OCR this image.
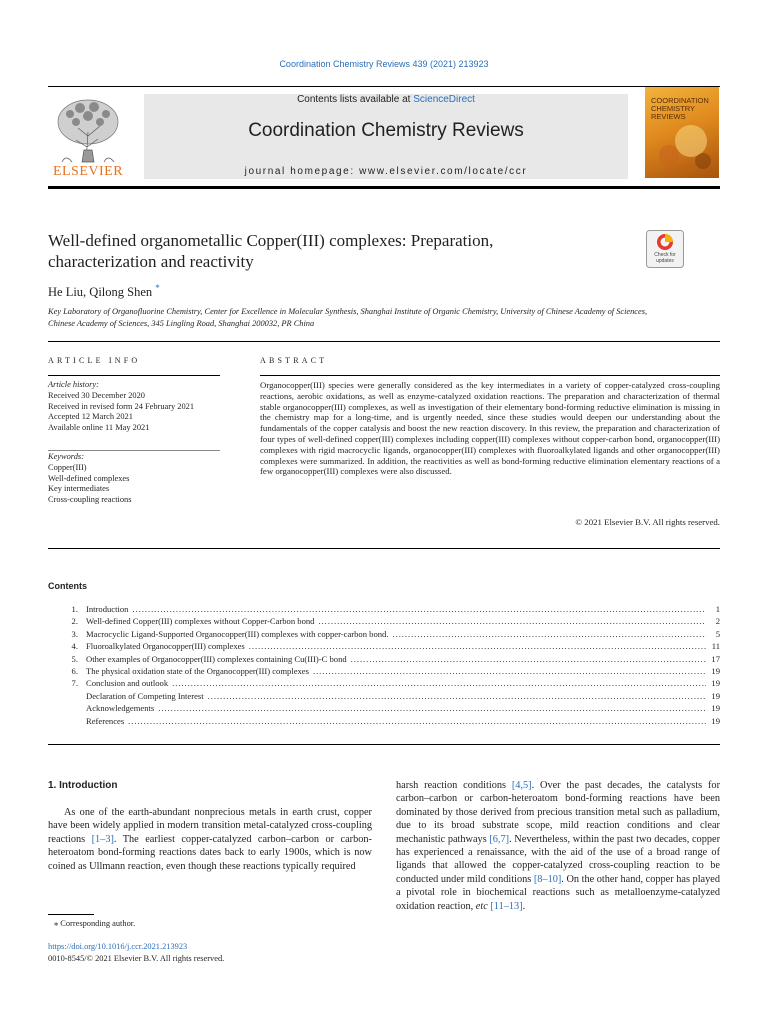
Coordination Chemistry Reviews 439 (2021) 213923
ELSEVIER
Contents lists available at ScienceDirect
Coordination Chemistry Reviews
journal homepage: www.elsevier.com/locate/ccr
COORDINATION
CHEMISTRY REVIEWS
Well-defined organometallic Copper(III) complexes: Preparation,
characterization and reactivity	Check for
updates
He Liu, Qilong Shen *
Key Laboratory of Organofluorine Chemistry, Center for Excellence in Molecular Synthesis, Shanghai Institute of Organic Chemistry, University of Chinese Academy of Sciences,
Chinese Academy of Sciences, 345 Lingling Road, Shanghai 200032, PR China
ARTICLE INFO	ABSTRACT
Article history:
Received 30 December 2020
Received in revised form 24 February 2021
Accepted 12 March 2021
Available online 11 May 2021
Keywords:
Copper(III)
Well-defined complexes
Key intermediates
Cross-coupling reactions
Organocopper(III) species were generally considered as the key intermediates in a variety of copper-catalyzed cross-coupling reactions, aerobic oxidations, as well as enzyme-catalyzed oxidation reactions. The preparation and characterization of thermal stable organocopper(III) complexes, as well as investigation of their elementary bond-forming reductive elimination is missing in the chemistry map for a long-time, and is urgently needed, since these studies would deepen our understanding about the fundamentals of the copper catalysis and boost the new reaction discovery. In this review, the preparation and characterization of four types of well-defined copper(III) complexes including copper(III) complexes without copper-carbon bond, organocopper(III) complexes with rigid macrocyclic ligands, organocopper(III) complexes with fluoroalkylated ligands and other organocopper(III) complexes were summarized. In addition, the reactivities as well as bond-forming reductive elimination elementary reactions of a few organocopper(III) complexes were also discussed.
© 2021 Elsevier B.V. All rights reserved.
Contents
1. Introduction . . .	1
2. Well-defined Copper(III) complexes without Copper-Carbon bond . . .	2
3. Macrocyclic Ligand-Supported Organocopper(III) complexes with copper-carbon bond. . . .	5
4. Fluoroalkylated Organocopper(III) complexes . . .	11
5. Other examples of Organocopper(III) complexes containing Cu(III)-C bond . . .	17
6. The physical oxidation state of the Organocopper(III) complexes . . .	19
7. Conclusion and outlook . . .	19
Declaration of Competing Interest . . .	19
Acknowledgements . . .	19
References . . .	19
1. Introduction
As one of the earth-abundant nonprecious metals in earth crust, copper have been widely applied in modern transition metal-catalyzed cross-coupling reactions [1–3]. The earliest copper-catalyzed carbon–carbon or carbon-heteroatom bond-forming reactions dates back to early 1900s, which is now coined as Ullmann reaction, even though these reactions typically required
harsh reaction conditions [4,5]. Over the past decades, the catalysts for carbon–carbon or carbon-heteroatom bond-forming reactions have been dominated by those derived from precious transition metal such as palladium, due to its broad substrate scope, mild reaction conditions and clear mechanistic pathways [6,7]. Nevertheless, within the past two decades, copper has experienced a renaissance, with the aid of the use of a broad range of ligands that allowed the copper-catalyzed cross-coupling reaction to be conducted under mild conditions [8–10]. On the other hand, copper has played a pivotal role in biochemical reactions such as metalloenzyme-catalyzed oxidation reaction, etc [11–13].
⁎ Corresponding author.
https://doi.org/10.1016/j.ccr.2021.213923
0010-8545/© 2021 Elsevier B.V. All rights reserved.
